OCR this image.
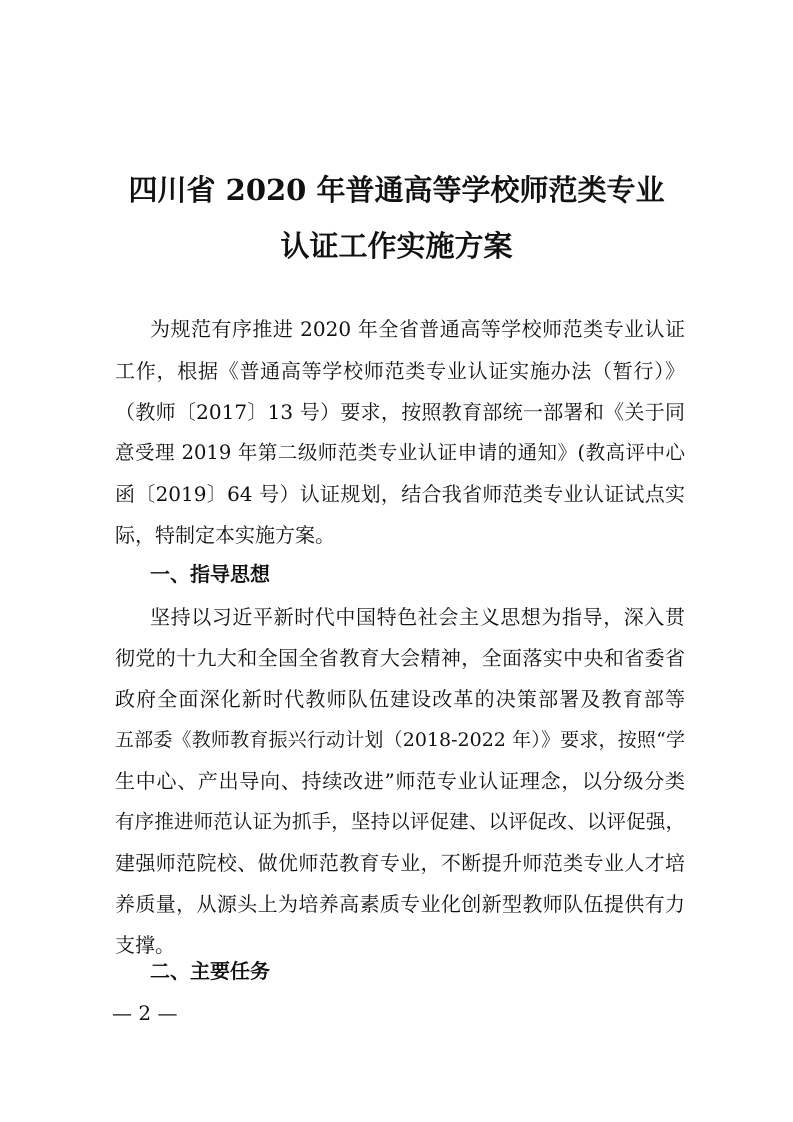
四川省 2020 年普通高等学校师范类专业
认证工作实施方案
为规范有序推进 2020 年全省普通高等学校师范类专业认证
工作，根据《普通高等学校师范类专业认证实施办法（暂行）》
（教师〔2017〕13 号）要求，按照教育部统一部署和《关于同
意受理 2019 年第二级师范类专业认证申请的通知》(教高评中心
函〔2019〕64 号）认证规划，结合我省师范类专业认证试点实
际，特制定本实施方案。
一、指导思想
坚持以习近平新时代中国特色社会主义思想为指导，深入贯
彻党的十九大和全国全省教育大会精神，全面落实中央和省委省
政府全面深化新时代教师队伍建设改革的决策部署及教育部等
五部委《教师教育振兴行动计划（2018-2022 年）》要求，按照“学
生中心、产出导向、持续改进”师范专业认证理念，以分级分类
有序推进师范认证为抓手，坚持以评促建、以评促改、以评促强，
建强师范院校、做优师范教育专业，不断提升师范类专业人才培
养质量，从源头上为培养高素质专业化创新型教师队伍提供有力
支撑。
二、主要任务
— 2 —
